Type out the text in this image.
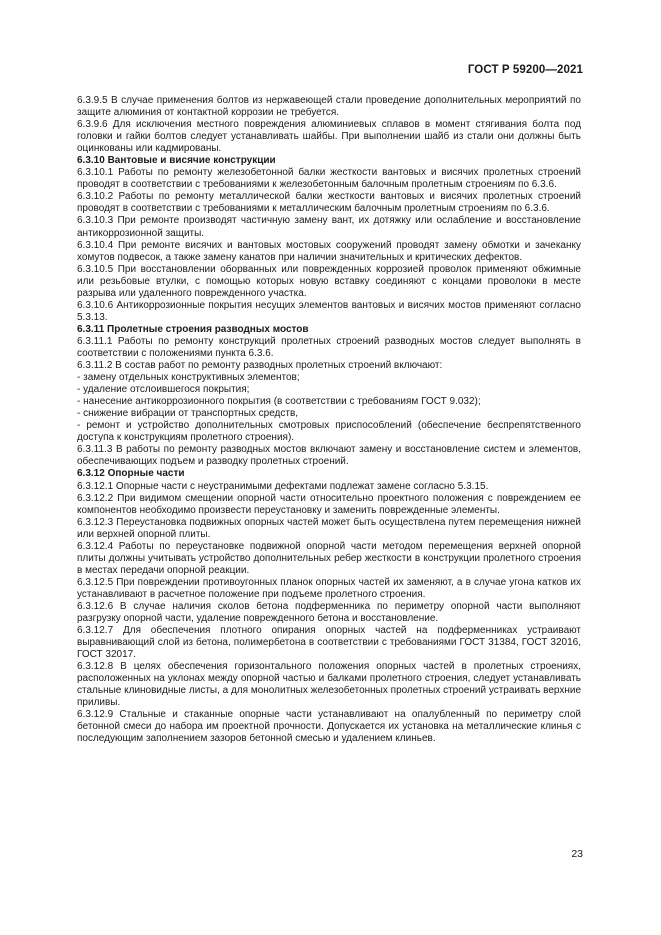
ГОСТ Р 59200—2021

6.3.9.5 В случае применения болтов из нержавеющей стали проведение дополнительных мероприятий по защите алюминия от контактной коррозии не требуется.

6.3.9.6 Для исключения местного повреждения алюминиевых сплавов в момент стягивания болта под головки и гайки болтов следует устанавливать шайбы. При выполнении шайб из стали они должны быть оцинкованы или кадмированы.

6.3.10 Вантовые и висячие конструкции

6.3.10.1 Работы по ремонту железобетонной балки жесткости вантовых и висячих пролетных строений проводят в соответствии с требованиями к железобетонным балочным пролетным строениям по 6.3.6.

6.3.10.2 Работы по ремонту металлической балки жесткости вантовых и висячих пролетных строений проводят в соответствии с требованиями к металлическим балочным пролетным строениям по 6.3.6.

6.3.10.3 При ремонте производят частичную замену вант, их дотяжку или ослабление и восстановление антикоррозионной защиты.

6.3.10.4 При ремонте висячих и вантовых мостовых сооружений проводят замену обмотки и зачеканку хомутов подвесок, а также замену канатов при наличии значительных и критических дефектов.

6.3.10.5 При восстановлении оборванных или поврежденных коррозией проволок применяют обжимные или резьбовые втулки, с помощью которых новую вставку соединяют с концами проволоки в месте разрыва или удаленного поврежденного участка.

6.3.10.6 Антикоррозионные покрытия несущих элементов вантовых и висячих мостов применяют согласно 5.3.13.

6.3.11 Пролетные строения разводных мостов

6.3.11.1 Работы по ремонту конструкций пролетных строений разводных мостов следует выполнять в соответствии с положениями пункта 6.3.6.

6.3.11.2 В состав работ по ремонту разводных пролетных строений включают:

- замену отдельных конструктивных элементов;

- удаление отслоившегося покрытия;

- нанесение антикоррозионного покрытия (в соответствии с требованиям ГОСТ 9.032);

- снижение вибрации от транспортных средств,

- ремонт и устройство дополнительных смотровых приспособлений (обеспечение беспрепятственного доступа к конструкциям пролетного строения).

6.3.11.3 В работы по ремонту разводных мостов включают замену и восстановление систем и элементов, обеспечивающих подъем и разводку пролетных строений.

6.3.12 Опорные части

6.3.12.1 Опорные части с неустранимыми дефектами подлежат замене согласно 5.3.15.

6.3.12.2 При видимом смещении опорной части относительно проектного положения с повреждением ее компонентов необходимо произвести переустановку и заменить поврежденные элементы.

6.3.12.3 Переустановка подвижных опорных частей может быть осуществлена путем перемещения нижней или верхней опорной плиты.

6.3.12.4 Работы по переустановке подвижной опорной части методом перемещения верхней опорной плиты должны учитывать устройство дополнительных ребер жесткости в конструкции пролетного строения в местах передачи опорной реакции.

6.3.12.5 При повреждении противоугонных планок опорных частей их заменяют, а в случае угона катков их устанавливают в расчетное положение при подъеме пролетного строения.

6.3.12.6 В случае наличия сколов бетона подферменника по периметру опорной части выполняют разгрузку опорной части, удаление поврежденного бетона и восстановление.

6.3.12.7 Для обеспечения плотного опирания опорных частей на подферменниках устраивают выравнивающий слой из бетона, полимербетона в соответствии с требованиями ГОСТ 31384, ГОСТ 32016, ГОСТ 32017.

6.3.12.8 В целях обеспечения горизонтального положения опорных частей в пролетных строениях, расположенных на уклонах между опорной частью и балками пролетного строения, следует устанавливать стальные клиновидные листы, а для монолитных железобетонных пролетных строений устраивать верхние приливы.

6.3.12.9 Стальные и стаканные опорные части устанавливают на опалубленный по периметру слой бетонной смеси до набора им проектной прочности. Допускается их установка на металлические клинья с последующим заполнением зазоров бетонной смесью и удалением клиньев.

23
